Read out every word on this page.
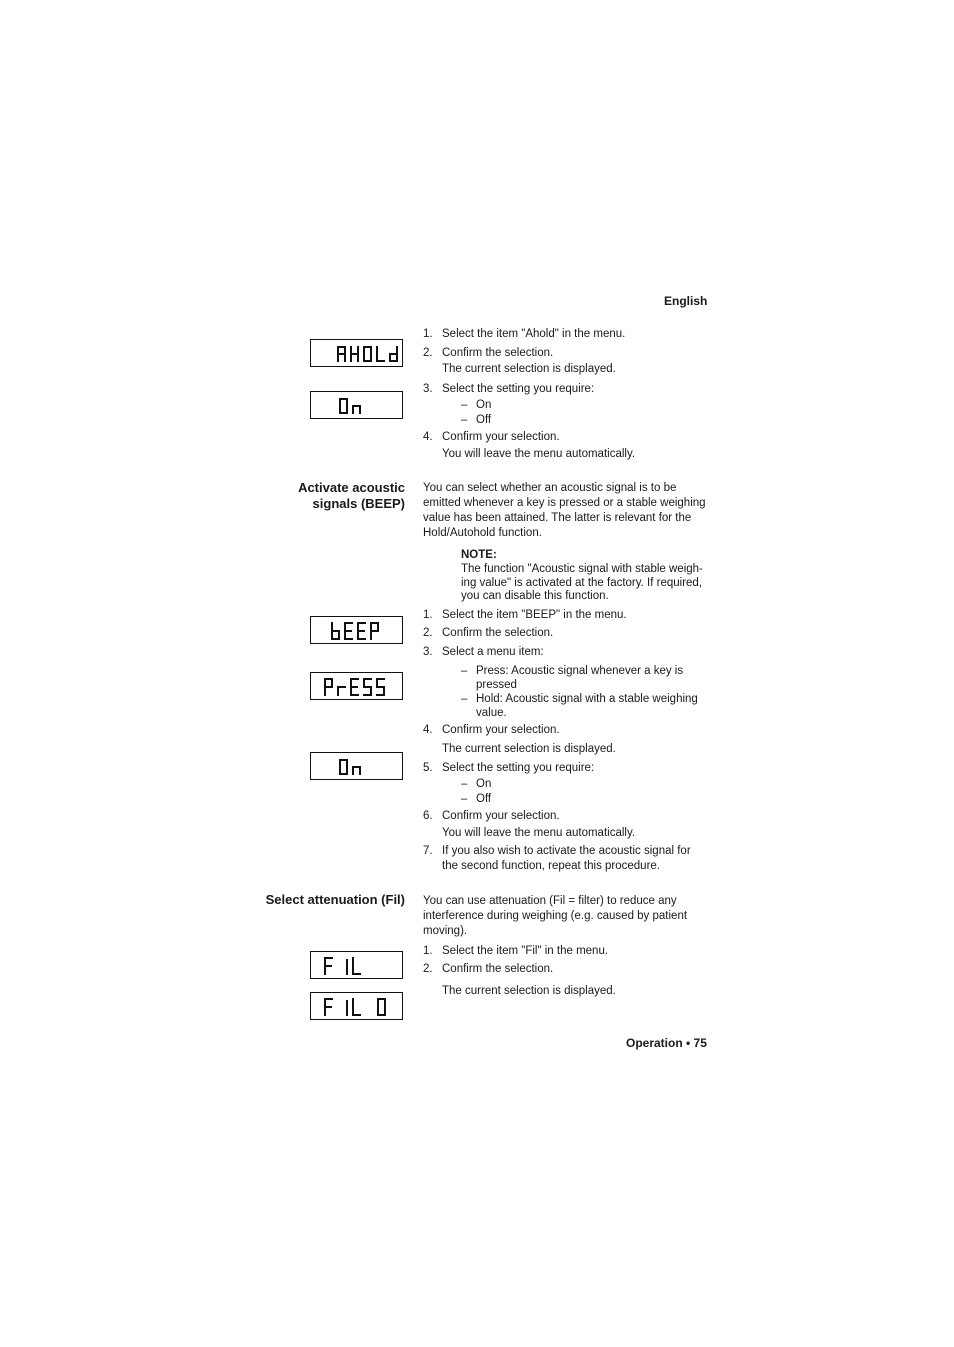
English
Operation • 75
1. Select the item "Ahold" in the menu.
2. Confirm the selection.
The current selection is displayed.
3. Select the setting you require:
– On
– Off
4. Confirm your selection.
You will leave the menu automatically.
Activate acoustic
signals (BEEP)
You can select whether an acoustic signal is to be
emitted whenever a key is pressed or a stable weighing
value has been attained. The latter is relevant for the
Hold/Autohold function.
NOTE:
The function "Acoustic signal with stable weigh-
ing value" is activated at the factory. If required,
you can disable this function.
1. Select the item "BEEP" in the menu.
2. Confirm the selection.
3. Select a menu item:
– Press: Acoustic signal whenever a key is
pressed
– Hold: Acoustic signal with a stable weighing
value.
4. Confirm your selection.
The current selection is displayed.
5. Select the setting you require:
– On
– Off
6. Confirm your selection.
You will leave the menu automatically.
7. If you also wish to activate the acoustic signal for
the second function, repeat this procedure.
Select attenuation (Fil) You can use attenuation (Fil = filter) to reduce any
interference during weighing (e.g. caused by patient
moving).
1. Select the item "Fil" in the menu.
2. Confirm the selection.
The current selection is displayed.
